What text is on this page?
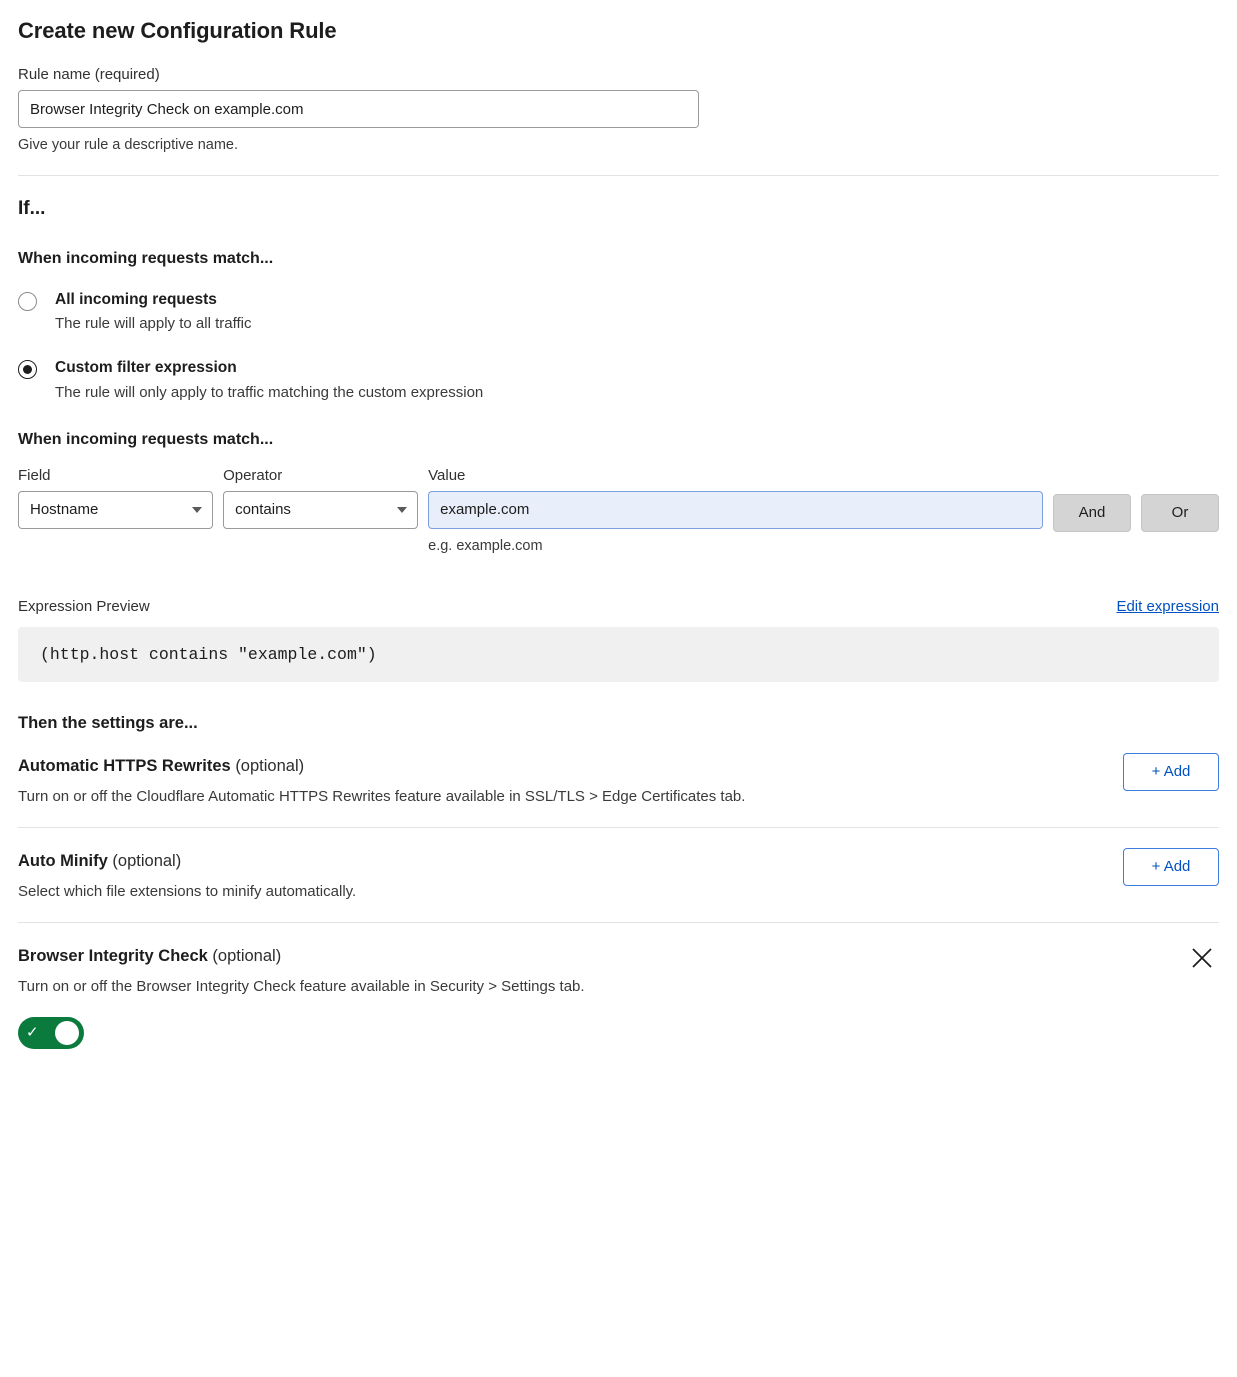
Create new Configuration Rule
Rule name (required)
Browser Integrity Check on example.com
Give your rule a descriptive name.
If...
When incoming requests match...
All incoming requests
The rule will apply to all traffic
Custom filter expression
The rule will only apply to traffic matching the custom expression
When incoming requests match...
Field
Hostname
Operator
contains
Value
example.com
e.g. example.com
And	Or
Expression Preview	Edit expression
(http.host contains "example.com")
Then the settings are...
Automatic HTTPS Rewrites (optional)
Turn on or off the Cloudflare Automatic HTTPS Rewrites feature available in SSL/TLS > Edge Certificates tab.
+ Add
Auto Minify (optional)
Select which file extensions to minify automatically.
+ Add
Browser Integrity Check (optional)
Turn on or off the Browser Integrity Check feature available in Security > Settings tab.
✓
